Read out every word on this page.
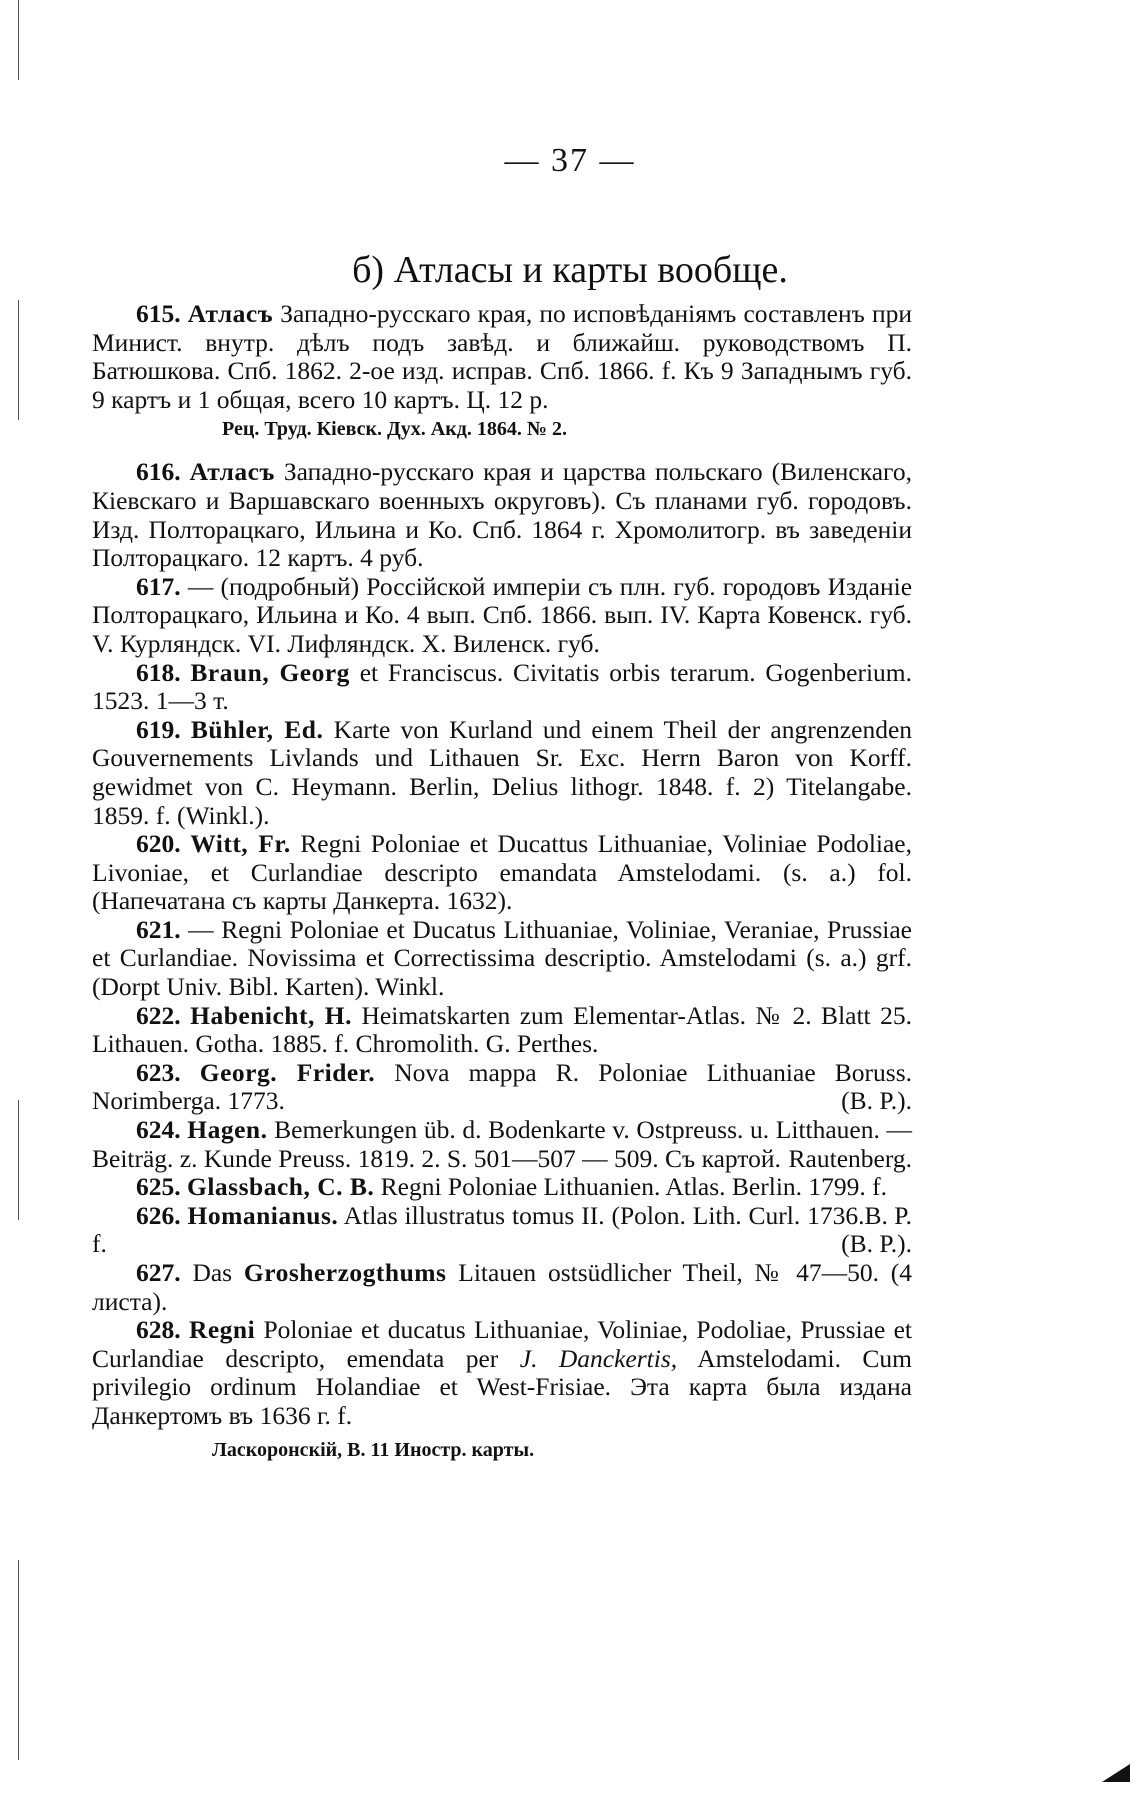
— 37 —
б) Атласы и карты вообще.

615. Атласъ Западно-русскаго края, по исповѣданіямъ составленъ при Минист. внутр. дѣлъ подъ завѣд. и ближайш. руководствомъ П. Батюшкова. Спб. 1862. 2-ое изд. исправ. Спб. 1866. f. Къ 9 Западнымъ губ. 9 картъ и 1 общая, всего 10 картъ. Ц. 12 р.

Рец. Труд. Кіевск. Дух. Акд. 1864. № 2.

616. Атласъ Западно-русскаго края и царства польскаго (Виленскаго, Кіевскаго и Варшавскаго военныхъ округовъ). Съ планами губ. городовъ. Изд. Полторацкаго, Ильина и Ко. Спб. 1864 г. Хромолитогр. въ заведеніи Полторацкаго. 12 картъ. 4 руб.

617. — (подробный) Россійской имперіи съ плн. губ. городовъ Изданіе Полторацкаго, Ильина и Ко. 4 вып. Спб. 1866. вып. IV. Карта Ковенск. губ. V. Курляндск. VI. Лифляндск. X. Виленск. губ.

618. Braun, Georg et Franciscus. Civitatis orbis terarum. Gogenberium. 1523. 1—3 т.

619. Bühler, Ed. Karte von Kurland und einem Theil der angrenzenden Gouvernements Livlands und Lithauen Sr. Exc. Herrn Baron von Korff. gewidmet von C. Heymann. Berlin, Delius lithogr. 1848. f. 2) Titelangabe. 1859. f. (Winkl.).

620. Witt, Fr. Regni Poloniae et Ducattus Lithuaniae, Voliniae Podoliae, Livoniae, et Curlandiae descripto emandata Amstelodami. (s. a.) fol. (Напечатана съ карты Данкерта. 1632).

621. — Regni Poloniae et Ducatus Lithuaniae, Voliniae, Veraniae, Prussiae et Curlandiae. Novissima et Correctissima descriptio. Amstelodami (s. a.) grf. (Dorpt Univ. Bibl. Karten). Winkl.

622. Habenicht, H. Heimatskarten zum Elementar-Atlas. № 2. Blatt 25. Lithauen. Gotha. 1885. f. Chromolith. G. Perthes.

623. Georg. Frider. Nova mappa R. Poloniae Lithuaniae Boruss. Norimberga. 1773.	(B. P.).

624. Hagen. Bemerkungen üb. d. Bodenkarte v. Ostpreuss. u. Litthauen. — Beiträg. z. Kunde Preuss. 1819. 2. S. 501—507 — 509. Съ картой. Rautenberg.

625. Glassbach, C. B. Regni Poloniae Lithuanien. Atlas. Berlin. 1799. f.
B. P.

626. Homanianus. Atlas illustratus tomus II. (Polon. Lith. Curl. 1736. f.	(B. P.).

627. Das Grosherzogthums Litauen ostsüdlicher Theil, № 47—50. (4 листа).

628. Regni Poloniae et ducatus Lithuaniae, Voliniae, Podoliae, Prussiae et Curlandiae descripto, emendata per J. Danckertis, Amstelodami. Cum privilegio ordinum Holandiae et West-Frisiae. Эта карта была издана Данкертомъ въ 1636 г. f.

Ласкоронскій, В. 11 Иностр. карты.
